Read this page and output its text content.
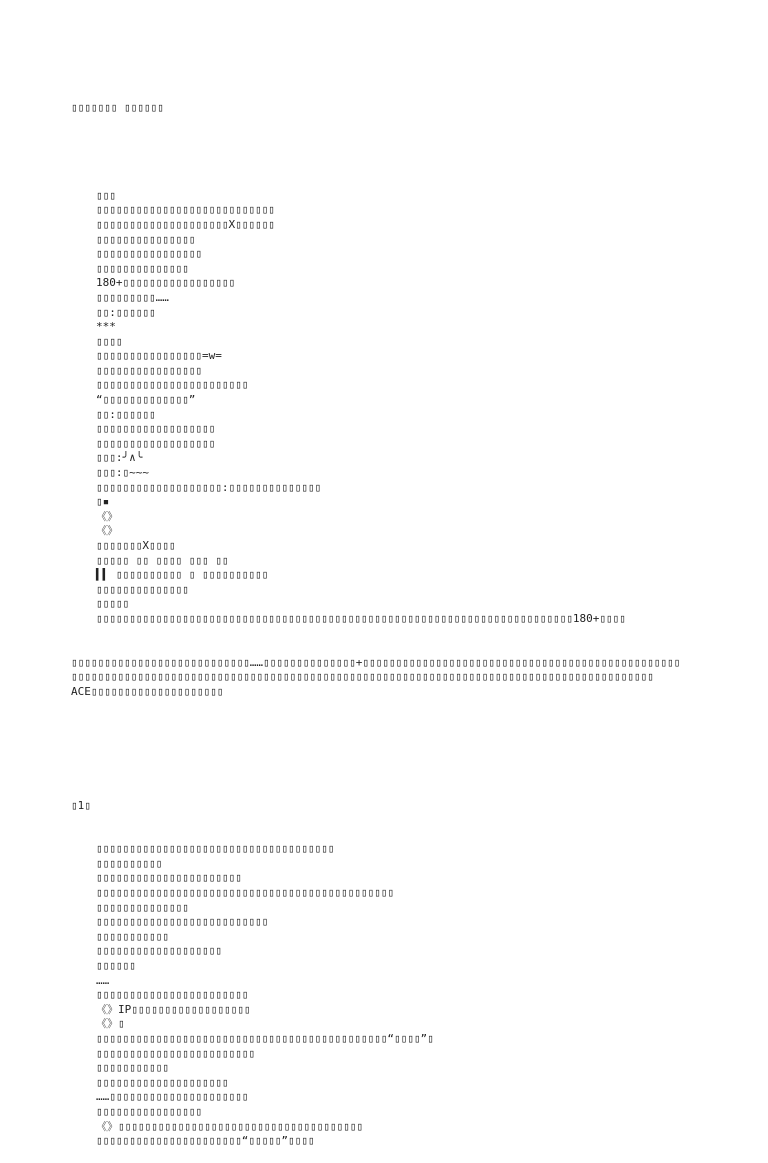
▯▯▯▯▯▯▯ ▯▯▯▯▯▯

▯▯▯
▯▯▯▯▯▯▯▯▯▯▯▯▯▯▯▯▯▯▯▯▯▯▯▯▯▯▯
▯▯▯▯▯▯▯▯▯▯▯▯▯▯▯▯▯▯▯▯X▯▯▯▯▯▯
▯▯▯▯▯▯▯▯▯▯▯▯▯▯▯
▯▯▯▯▯▯▯▯▯▯▯▯▯▯▯▯
▯▯▯▯▯▯▯▯▯▯▯▯▯▯
180+▯▯▯▯▯▯▯▯▯▯▯▯▯▯▯▯▯
▯▯▯▯▯▯▯▯▯……
▯▯:▯▯▯▯▯▯
***
▯▯▯▯
▯▯▯▯▯▯▯▯▯▯▯▯▯▯▯▯=w=
▯▯▯▯▯▯▯▯▯▯▯▯▯▯▯▯
▯▯▯▯▯▯▯▯▯▯▯▯▯▯▯▯▯▯▯▯▯▯▯
“▯▯▯▯▯▯▯▯▯▯▯▯▯”
▯▯:▯▯▯▯▯▯
▯▯▯▯▯▯▯▯▯▯▯▯▯▯▯▯▯▯
▯▯▯▯▯▯▯▯▯▯▯▯▯▯▯▯▯▯
▯▯▯:╯∧╰
▯▯▯:▯~~~
▯▯▯▯▯▯▯▯▯▯▯▯▯▯▯▯▯▯▯:▯▯▯▯▯▯▯▯▯▯▯▯▯▯
▯▪
《》
《》
▯▯▯▯▯▯▯X▯▯▯▯
▯▯▯▯▯ ▯▯ ▯▯▯▯ ▯▯▯ ▯▯
▍▍ ▯▯▯▯▯▯▯▯▯▯ ▯ ▯▯▯▯▯▯▯▯▯▯
▯▯▯▯▯▯▯▯▯▯▯▯▯▯
▯▯▯▯▯
▯▯▯▯▯▯▯▯▯▯▯▯▯▯▯▯▯▯▯▯▯▯▯▯▯▯▯▯▯▯▯▯▯▯▯▯▯▯▯▯▯▯▯▯▯▯▯▯▯▯▯▯▯▯▯▯▯▯▯▯▯▯▯▯▯▯▯▯▯▯▯▯180+▯▯▯▯

▯▯▯▯▯▯▯▯▯▯▯▯▯▯▯▯▯▯▯▯▯▯▯▯▯▯▯……▯▯▯▯▯▯▯▯▯▯▯▯▯▯+▯▯▯▯▯▯▯▯▯▯▯▯▯▯▯▯▯▯▯▯▯▯▯▯▯▯▯▯▯▯▯▯▯▯▯▯▯▯▯▯▯▯▯▯▯▯▯▯
▯▯▯▯▯▯▯▯▯▯▯▯▯▯▯▯▯▯▯▯▯▯▯▯▯▯▯▯▯▯▯▯▯▯▯▯▯▯▯▯▯▯▯▯▯▯▯▯▯▯▯▯▯▯▯▯▯▯▯▯▯▯▯▯▯▯▯▯▯▯▯▯▯▯▯▯▯▯▯▯▯▯▯▯▯▯▯▯
ACE▯▯▯▯▯▯▯▯▯▯▯▯▯▯▯▯▯▯▯▯

▯1▯

▯▯▯▯▯▯▯▯▯▯▯▯▯▯▯▯▯▯▯▯▯▯▯▯▯▯▯▯▯▯▯▯▯▯▯▯
▯▯▯▯▯▯▯▯▯▯
▯▯▯▯▯▯▯▯▯▯▯▯▯▯▯▯▯▯▯▯▯▯
▯▯▯▯▯▯▯▯▯▯▯▯▯▯▯▯▯▯▯▯▯▯▯▯▯▯▯▯▯▯▯▯▯▯▯▯▯▯▯▯▯▯▯▯▯
▯▯▯▯▯▯▯▯▯▯▯▯▯▯
▯▯▯▯▯▯▯▯▯▯▯▯▯▯▯▯▯▯▯▯▯▯▯▯▯▯
▯▯▯▯▯▯▯▯▯▯▯
▯▯▯▯▯▯▯▯▯▯▯▯▯▯▯▯▯▯▯
▯▯▯▯▯▯
……
▯▯▯▯▯▯▯▯▯▯▯▯▯▯▯▯▯▯▯▯▯▯▯
《》IP▯▯▯▯▯▯▯▯▯▯▯▯▯▯▯▯▯▯
《》▯
▯▯▯▯▯▯▯▯▯▯▯▯▯▯▯▯▯▯▯▯▯▯▯▯▯▯▯▯▯▯▯▯▯▯▯▯▯▯▯▯▯▯▯▯“▯▯▯▯”▯
▯▯▯▯▯▯▯▯▯▯▯▯▯▯▯▯▯▯▯▯▯▯▯▯
▯▯▯▯▯▯▯▯▯▯▯
▯▯▯▯▯▯▯▯▯▯▯▯▯▯▯▯▯▯▯▯
……▯▯▯▯▯▯▯▯▯▯▯▯▯▯▯▯▯▯▯▯▯
▯▯▯▯▯▯▯▯▯▯▯▯▯▯▯▯
《》▯▯▯▯▯▯▯▯▯▯▯▯▯▯▯▯▯▯▯▯▯▯▯▯▯▯▯▯▯▯▯▯▯▯▯▯▯
▯▯▯▯▯▯▯▯▯▯▯▯▯▯▯▯▯▯▯▯▯▯“▯▯▯▯▯”▯▯▯▯
